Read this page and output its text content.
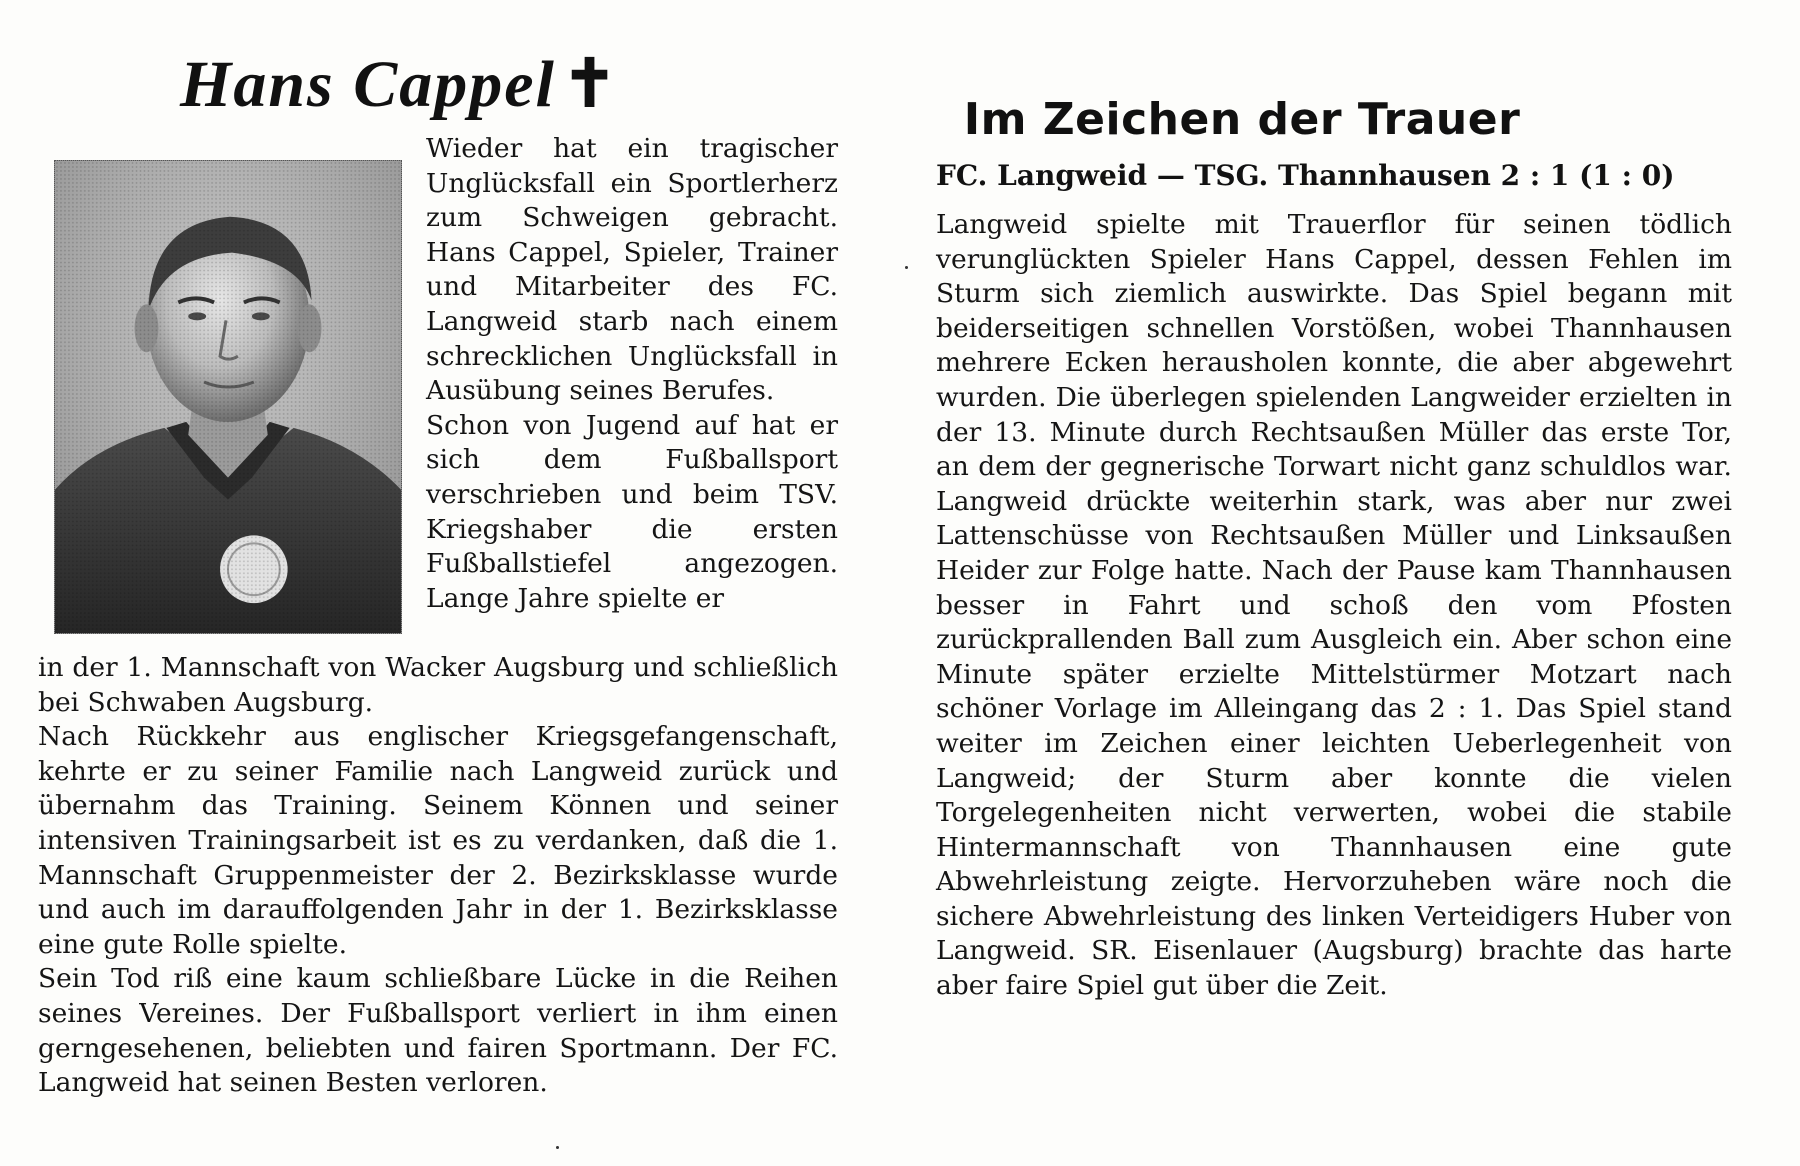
Hans Cappel✝

Wieder hat ein tragischer Unglücksfall ein Sportlerherz zum Schweigen gebracht. Hans Cappel, Spieler, Trainer und Mitarbeiter des FC. Langweid starb nach einem schrecklichen Unglücksfall in Ausübung seines Berufes.

Schon von Jugend auf hat er sich dem Fußballsport verschrieben und beim TSV. Kriegshaber die ersten Fußballstiefel angezogen. Lange Jahre spielte er

in der 1. Mannschaft von Wacker Augsburg und schließlich bei Schwaben Augsburg.

Nach Rückkehr aus englischer Kriegsgefangenschaft, kehrte er zu seiner Familie nach Langweid zurück und übernahm das Training. Seinem Können und seiner intensiven Trainingsarbeit ist es zu verdanken, daß die 1. Mannschaft Gruppenmeister der 2. Bezirksklasse wurde und auch im darauffolgenden Jahr in der 1. Bezirksklasse eine gute Rolle spielte.

Sein Tod riß eine kaum schließbare Lücke in die Reihen seines Vereines. Der Fußballsport verliert in ihm einen gerngesehenen, beliebten und fairen Sportmann. Der FC. Langweid hat seinen Besten verloren.

Im Zeichen der Trauer
FC. Langweid — TSG. Thannhausen 2 : 1 (1 : 0)

Langweid spielte mit Trauerflor für seinen tödlich verunglückten Spieler Hans Cappel, dessen Fehlen im Sturm sich ziemlich auswirkte. Das Spiel begann mit beiderseitigen schnellen Vorstößen, wobei Thannhausen mehrere Ecken herausholen konnte, die aber abgewehrt wurden. Die überlegen spielenden Langweider erzielten in der 13. Minute durch Rechtsaußen Müller das erste Tor, an dem der gegnerische Torwart nicht ganz schuldlos war. Langweid drückte weiterhin stark, was aber nur zwei Lattenschüsse von Rechtsaußen Müller und Linksaußen Heider zur Folge hatte. Nach der Pause kam Thannhausen besser in Fahrt und schoß den vom Pfosten zurückprallenden Ball zum Ausgleich ein. Aber schon eine Minute später erzielte Mittelstürmer Motzart nach schöner Vorlage im Alleingang das 2 : 1. Das Spiel stand weiter im Zeichen einer leichten Ueberlegenheit von Langweid; der Sturm aber konnte die vielen Torgelegenheiten nicht verwerten, wobei die stabile Hintermannschaft von Thannhausen eine gute Abwehrleistung zeigte. Hervorzuheben wäre noch die sichere Abwehrleistung des linken Verteidigers Huber von Langweid. SR. Eisenlauer (Augsburg) brachte das harte aber faire Spiel gut über die Zeit.
